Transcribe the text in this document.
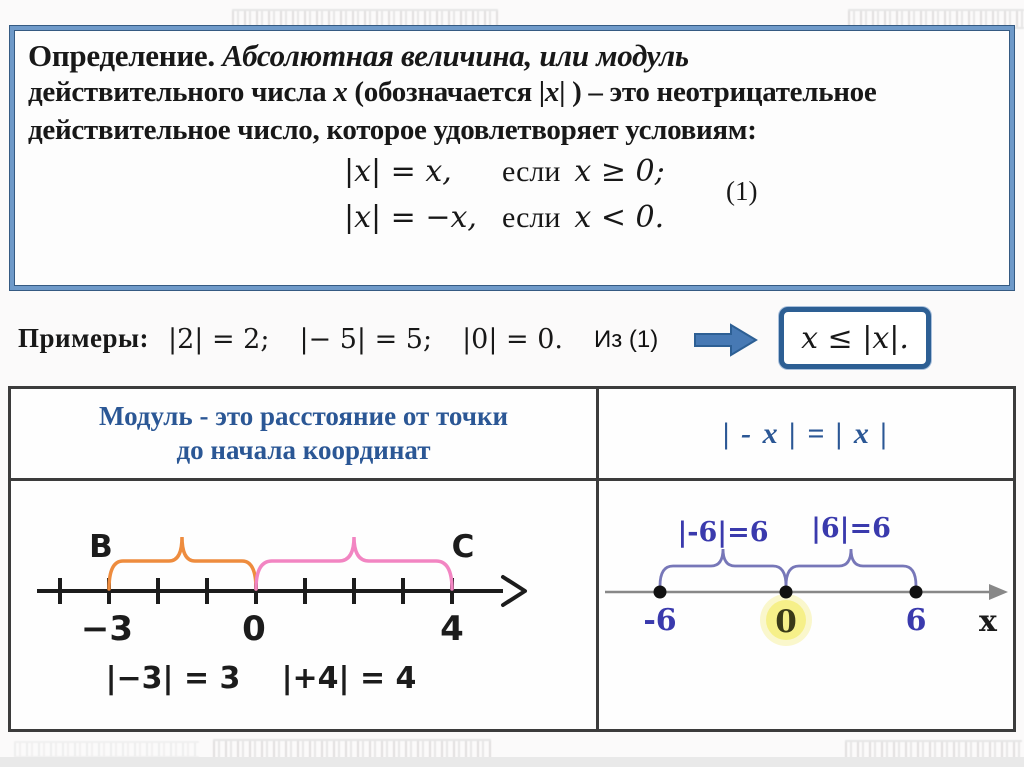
Определение. Абсолютная величина, или модуль
действительного числа x (обозначается |x| ) – это неотрицательное
действительное число, которое удовлетворяет условиям:
|x| = x,	если x ≥ 0;
|x| = −x, если x < 0.
(1)
Примеры: |2| = 2; |− 5| = 5; |0| = 0. Из (1)	x ≤ |x|.
Модуль - это расстояние от точки
до начала координат	| - x | = | x |
B	C
−3	0	4
|−3| = 3 |+4| = 4
|-6|=6 |6|=6
-6	0	6 x
